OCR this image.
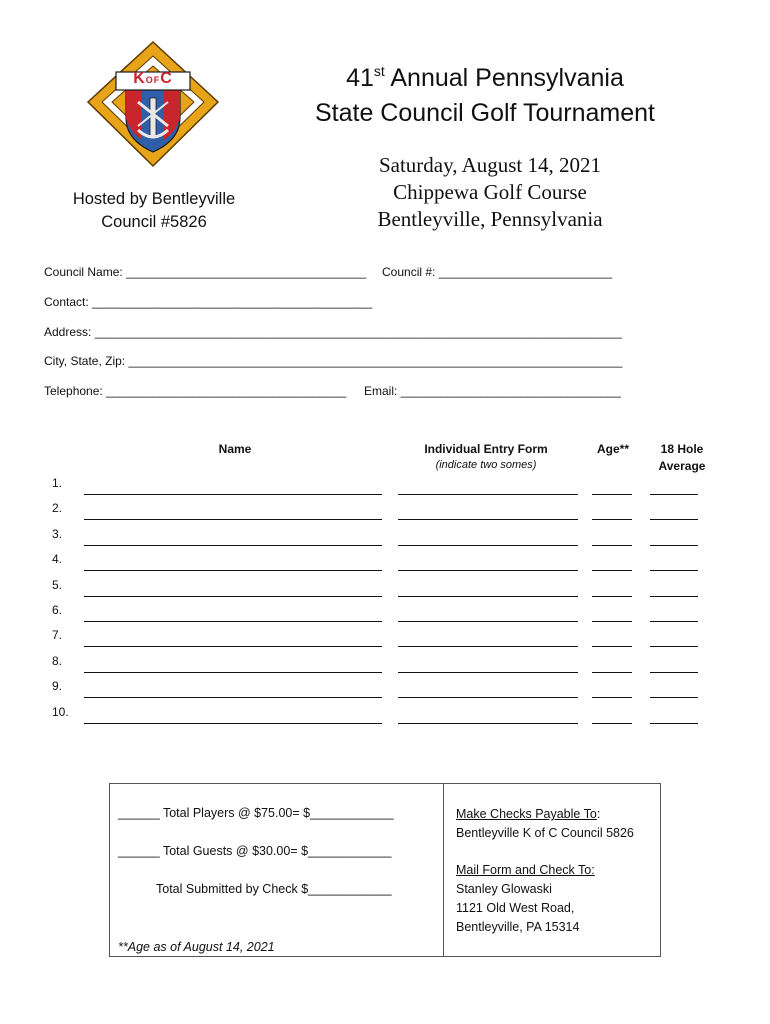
KOFC
Hosted by Bentleyville
Council #5826
41st Annual Pennsylvania
State Council Golf Tournament
Saturday, August 14, 2021
Chippewa Golf Course
Bentleyville, Pennsylvania
Council Name: ____________________________________ Council #: __________________________
Contact: __________________________________________
Address: _______________________________________________________________________________
City, State, Zip: __________________________________________________________________________
Telephone: ____________________________________ Email: _________________________________
Name	Individual Entry Form
(indicate two somes)
Age**	18 Hole
Average
1.
2.
3.
4.
5.
6.
7.
8.
9.
10.
______ Total Players @ $75.00= $____________
______ Total Guests @ $30.00= $____________
Total Submitted by Check $____________
**Age as of August 14, 2021
Make Checks Payable To:
Bentleyville K of C Council 5826
Mail Form and Check To:
Stanley Glowaski
1121 Old West Road,
Bentleyville, PA 15314
